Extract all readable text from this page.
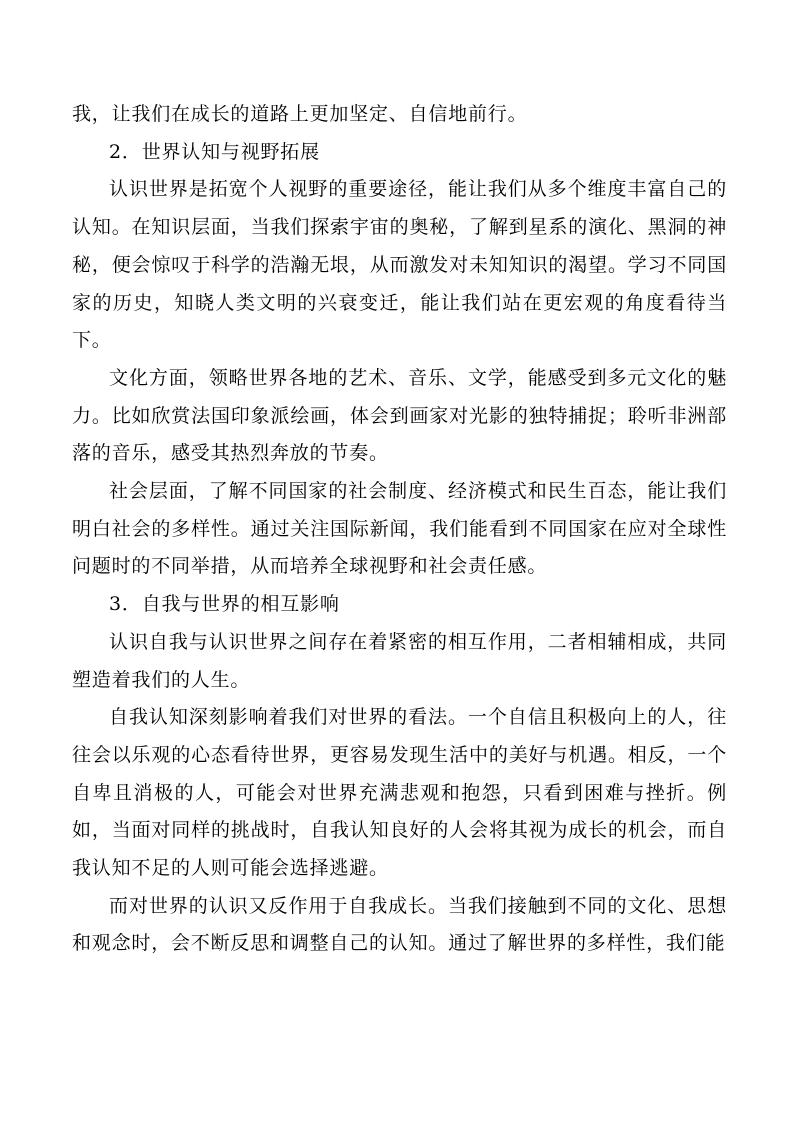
我，让我们在成长的道路上更加坚定、自信地前行。

2．世界认知与视野拓展

认识世界是拓宽个人视野的重要途径，能让我们从多个维度丰富自己的认知。在知识层面，当我们探索宇宙的奥秘，了解到星系的演化、黑洞的神秘，便会惊叹于科学的浩瀚无垠，从而激发对未知知识的渴望。学习不同国家的历史，知晓人类文明的兴衰变迁，能让我们站在更宏观的角度看待当下。

文化方面，领略世界各地的艺术、音乐、文学，能感受到多元文化的魅力。比如欣赏法国印象派绘画，体会到画家对光影的独特捕捉；聆听非洲部落的音乐，感受其热烈奔放的节奏。

社会层面，了解不同国家的社会制度、经济模式和民生百态，能让我们明白社会的多样性。通过关注国际新闻，我们能看到不同国家在应对全球性问题时的不同举措，从而培养全球视野和社会责任感。

3．自我与世界的相互影响

认识自我与认识世界之间存在着紧密的相互作用，二者相辅相成，共同塑造着我们的人生。

自我认知深刻影响着我们对世界的看法。一个自信且积极向上的人，往往会以乐观的心态看待世界，更容易发现生活中的美好与机遇。相反，一个自卑且消极的人，可能会对世界充满悲观和抱怨，只看到困难与挫折。例如，当面对同样的挑战时，自我认知良好的人会将其视为成长的机会，而自我认知不足的人则可能会选择逃避。

而对世界的认识又反作用于自我成长。当我们接触到不同的文化、思想和观念时，会不断反思和调整自己的认知。通过了解世界的多样性，我们能
